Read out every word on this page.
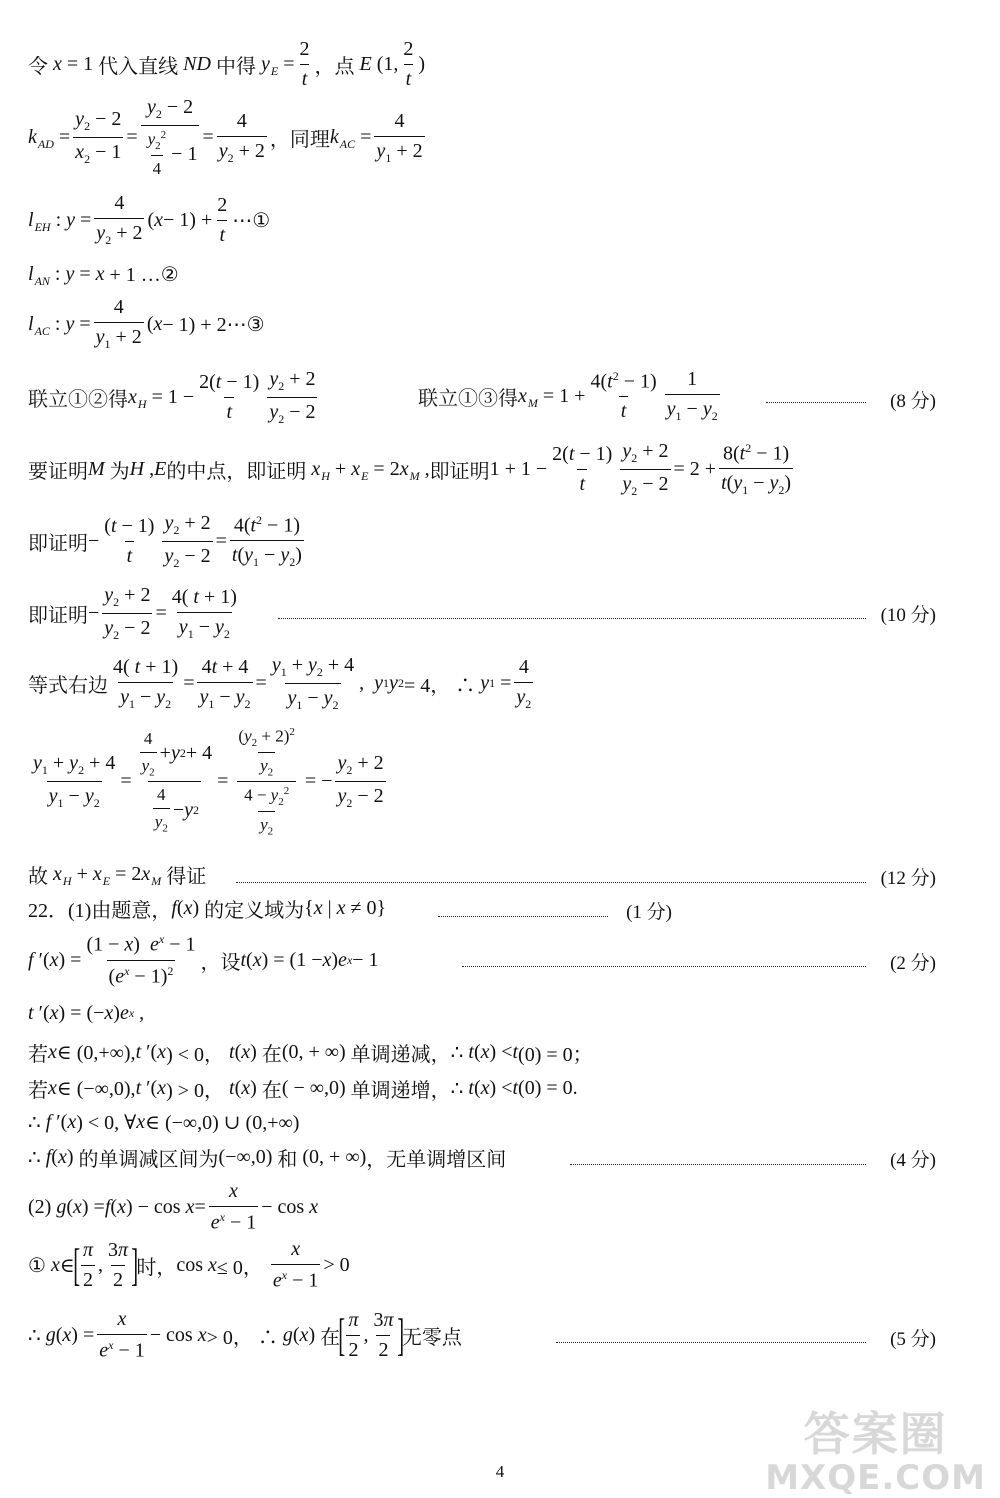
令
x = 1 代入直线
ND
中得
y E =
2
t
，点
E (1,
2
t
)
k AD =
$y_2 - 2$
$x_2 - 1$
=
$y_2 - 2$
$y_2^2$
4
− 1
=
4
$y_2 + 2$ ，同理 k AC =
4
$y_1 + 2$
l EH : y =
4
$y_2 + 2$
( x − 1) +
2
t
⋯①
l AN : y = x + 1 …②
l AC : y =
4
$y_1 + 2$
( x − 1) + 2⋯③
联立①②得 x H = 1 −
2(t − 1)
t
$y_2 + 2$
$y_2 - 2$
联立①③得 x M = 1 +
$4(t^2 - 1)$
t
1
$y_1 - y_2$
(8 分)
要证明 M
为 H , E 的中点，即证明
x H + x E = 2 x M , 即证明 1 + 1 −
2(t − 1)
t
$y_2 + 2$
$y_2 - 2$
= 2 +
$8(t^2 - 1)$
$t(y_1 - y_2)$
即证明 −
(t − 1)
t
$y_2 + 2$
$y_2 - 2$
=
$4(t^2 - 1)$
$t(y_1 - y_2)$
即证明 −
$y_2 + 2$
$y_2 - 2$
=
4( t + 1)
$y_1 - y_2$
(10 分)
等式右边
4( t + 1)
$y_1 - y_2$
=
4t + 4
$y_1 - y_2$
=
$y_1 + y_2 + 4$
$y_1 - y_2$
, y 1 y 2 = 4， ∴ y 1 =
4
$y_2$
$y_1 + y_2 + 4$
$y_1 - y_2$
=
4
$y_2$
+ y 2 + 4
4
$y_2$
− y 2
=
$\frac{(y_2 + 2)^2}{y_2}$
$\frac{4 - y_2^2}{y_2}$
= −
$y_2 + 2$
$y_2 - 2$
故
x H + x E = 2 x M
得证	(12 分)
22．(1)由题意， f ( x ) 的定义域为 { x | x ≠ 0}	(1 分)
f ′( x ) =
(1 − x)  $e^x - 1$
$(e^x - 1)^2$ ，设 t ( x ) = (1 − x ) e x − 1	(2 分)
t ′( x ) = (− x ) e x ,
若 x ∈ (0,+∞), t ′( x ) < 0， t ( x ) 在 (0, + ∞) 单调递减， ∴ t ( x ) < t (0) = 0；
若 x ∈ (−∞,0), t ′( x ) > 0， t ( x ) 在 ( − ∞,0) 单调递增， ∴ t ( x ) < t (0) = 0.
∴ f ′( x ) < 0, ∀ x ∈ (−∞,0) ∪ (0,+∞)
∴ f ( x ) 的单调减区间为 (−∞,0) 和 (0, + ∞) ，无单调增区间	(4 分)
(2)
g ( x ) = f ( x ) − cos x =
x
$e^x - 1$
− cos x
① x ∈
[ π
2
,
3π
2 ]
时， cos x ≤ 0，
x
$e^x - 1$
> 0
∴ g ( x ) =
x
$e^x - 1$
− cos x > 0， ∴ g ( x ) 在
[ π
2
,
3π
2 ]
无零点	(5 分)
答案圈
MXQE.COM
4
